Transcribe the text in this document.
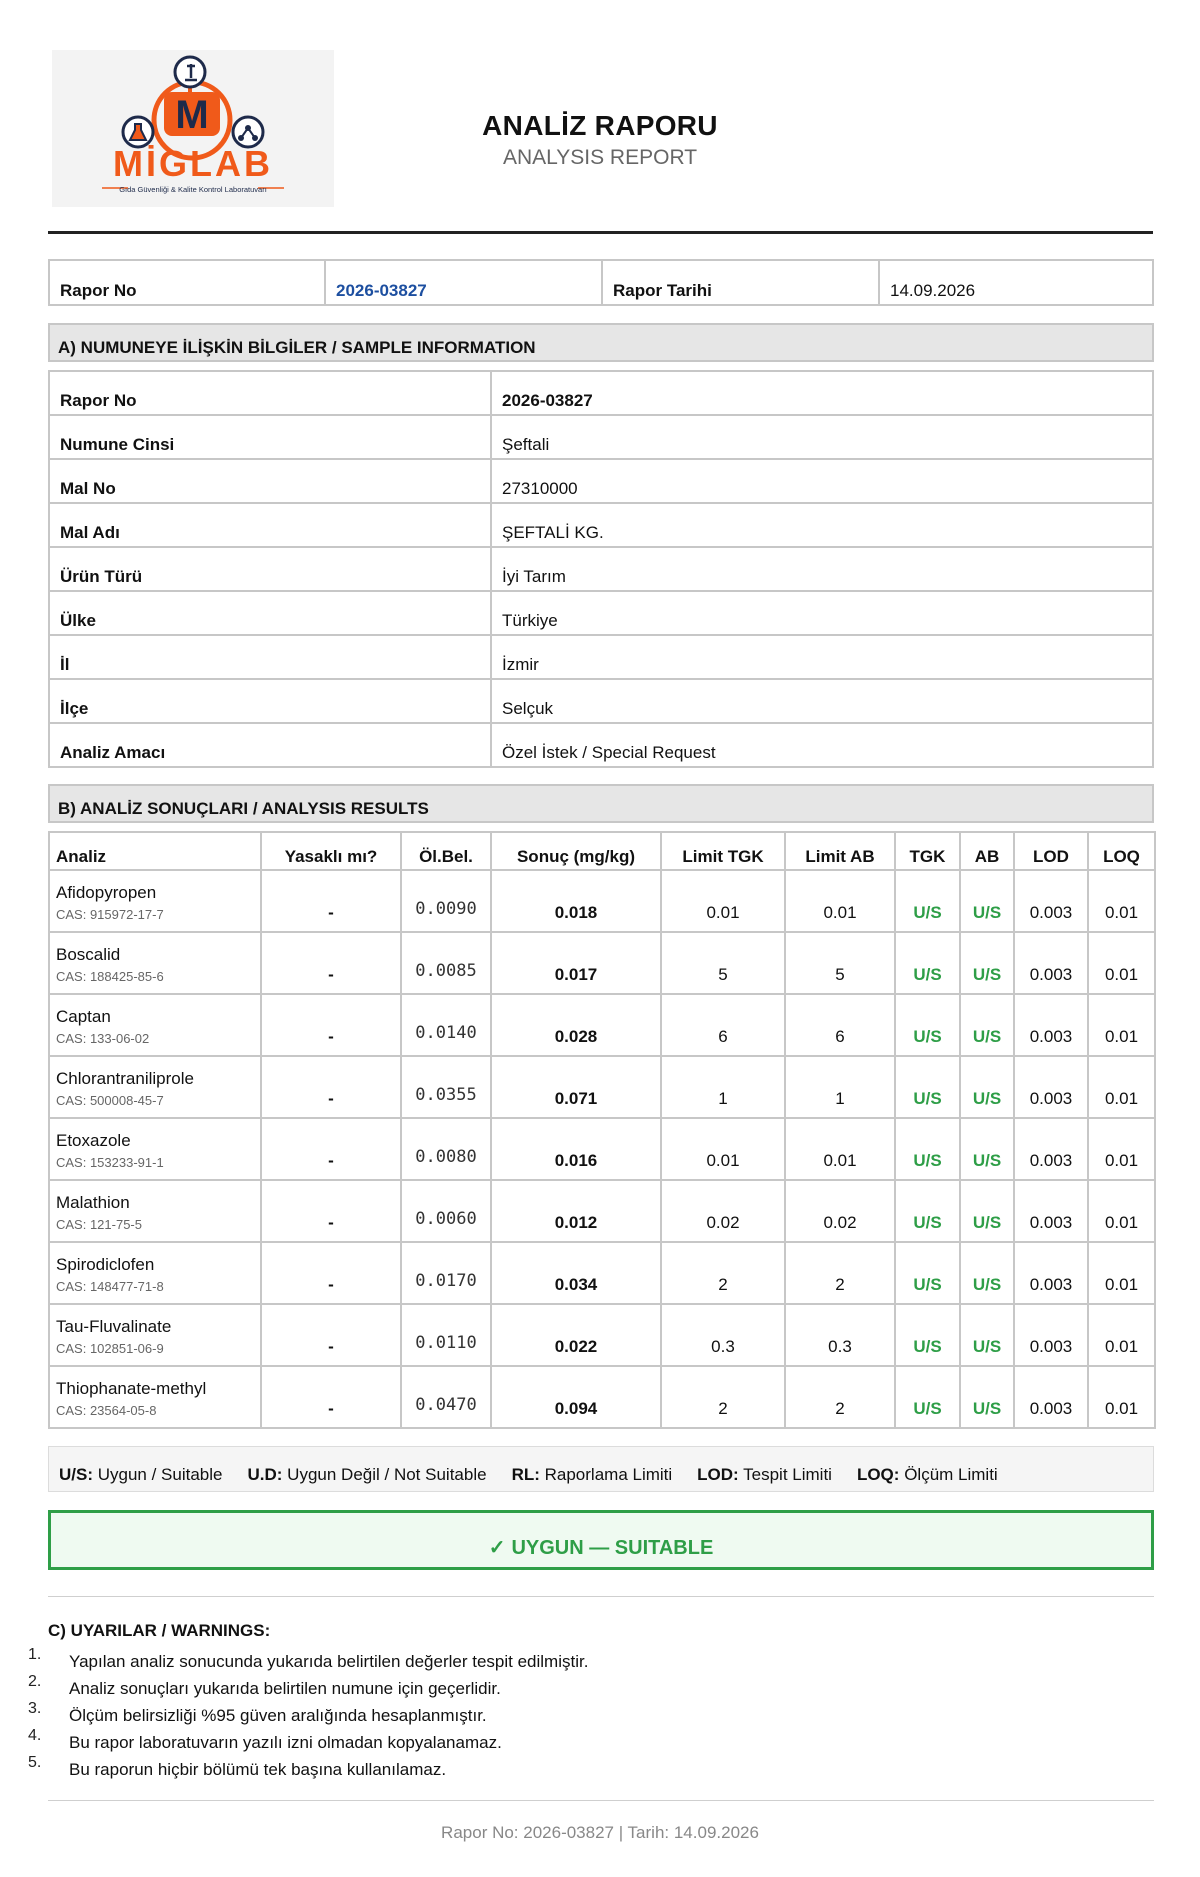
M
MİGLAB
Gıda Güvenliği & Kalite Kontrol Laboratuvarı
ANALİZ RAPORU
ANALYSIS REPORT
Rapor No	2026-03827	Rapor Tarihi	14.09.2026
A) NUMUNEYE İLİŞKİN BİLGİLER / SAMPLE INFORMATION
Rapor No	2026-03827
Numune Cinsi	Şeftali
Mal No	27310000
Mal Adı	ŞEFTALİ KG.
Ürün Türü	İyi Tarım
Ülke	Türkiye
İl	İzmir
İlçe	Selçuk
Analiz Amacı	Özel İstek / Special Request
B) ANALİZ SONUÇLARI / ANALYSIS RESULTS
Analiz	Yasaklı mı?	Öl.Bel.	Sonuç (mg/kg)	Limit TGK	Limit AB	TGK	AB	LOD	LOQ

Afidopyropen
CAS: 915972-17-7	-	0.0090	0.018	0.01	0.01	U/S	U/S	0.003	0.01

Boscalid
CAS: 188425-85-6	-	0.0085	0.017	5	5	U/S	U/S	0.003	0.01

Captan
CAS: 133-06-02	-	0.0140	0.028	6	6	U/S	U/S	0.003	0.01

Chlorantraniliprole
CAS: 500008-45-7	-	0.0355	0.071	1	1	U/S	U/S	0.003	0.01

Etoxazole
CAS: 153233-91-1	-	0.0080	0.016	0.01	0.01	U/S	U/S	0.003	0.01

Malathion
CAS: 121-75-5	-	0.0060	0.012	0.02	0.02	U/S	U/S	0.003	0.01

Spirodiclofen
CAS: 148477-71-8	-	0.0170	0.034	2	2	U/S	U/S	0.003	0.01

Tau-Fluvalinate
CAS: 102851-06-9	-	0.0110	0.022	0.3	0.3	U/S	U/S	0.003	0.01

Thiophanate-methyl
CAS: 23564-05-8	-	0.0470	0.094	2	2	U/S	U/S	0.003	0.01
U/S: Uygun / Suitable U.D: Uygun Değil / Not Suitable RL: Raporlama Limiti LOD: Tespit Limiti LOQ: Ölçüm Limiti
✓ UYGUN — SUITABLE
C) UYARILAR / WARNINGS:
1. Yapılan analiz sonucunda yukarıda belirtilen değerler tespit edilmiştir.
2. Analiz sonuçları yukarıda belirtilen numune için geçerlidir.
3. Ölçüm belirsizliği %95 güven aralığında hesaplanmıştır.
4. Bu rapor laboratuvarın yazılı izni olmadan kopyalanamaz.
5. Bu raporun hiçbir bölümü tek başına kullanılamaz.
Rapor No: 2026-03827 | Tarih: 14.09.2026
